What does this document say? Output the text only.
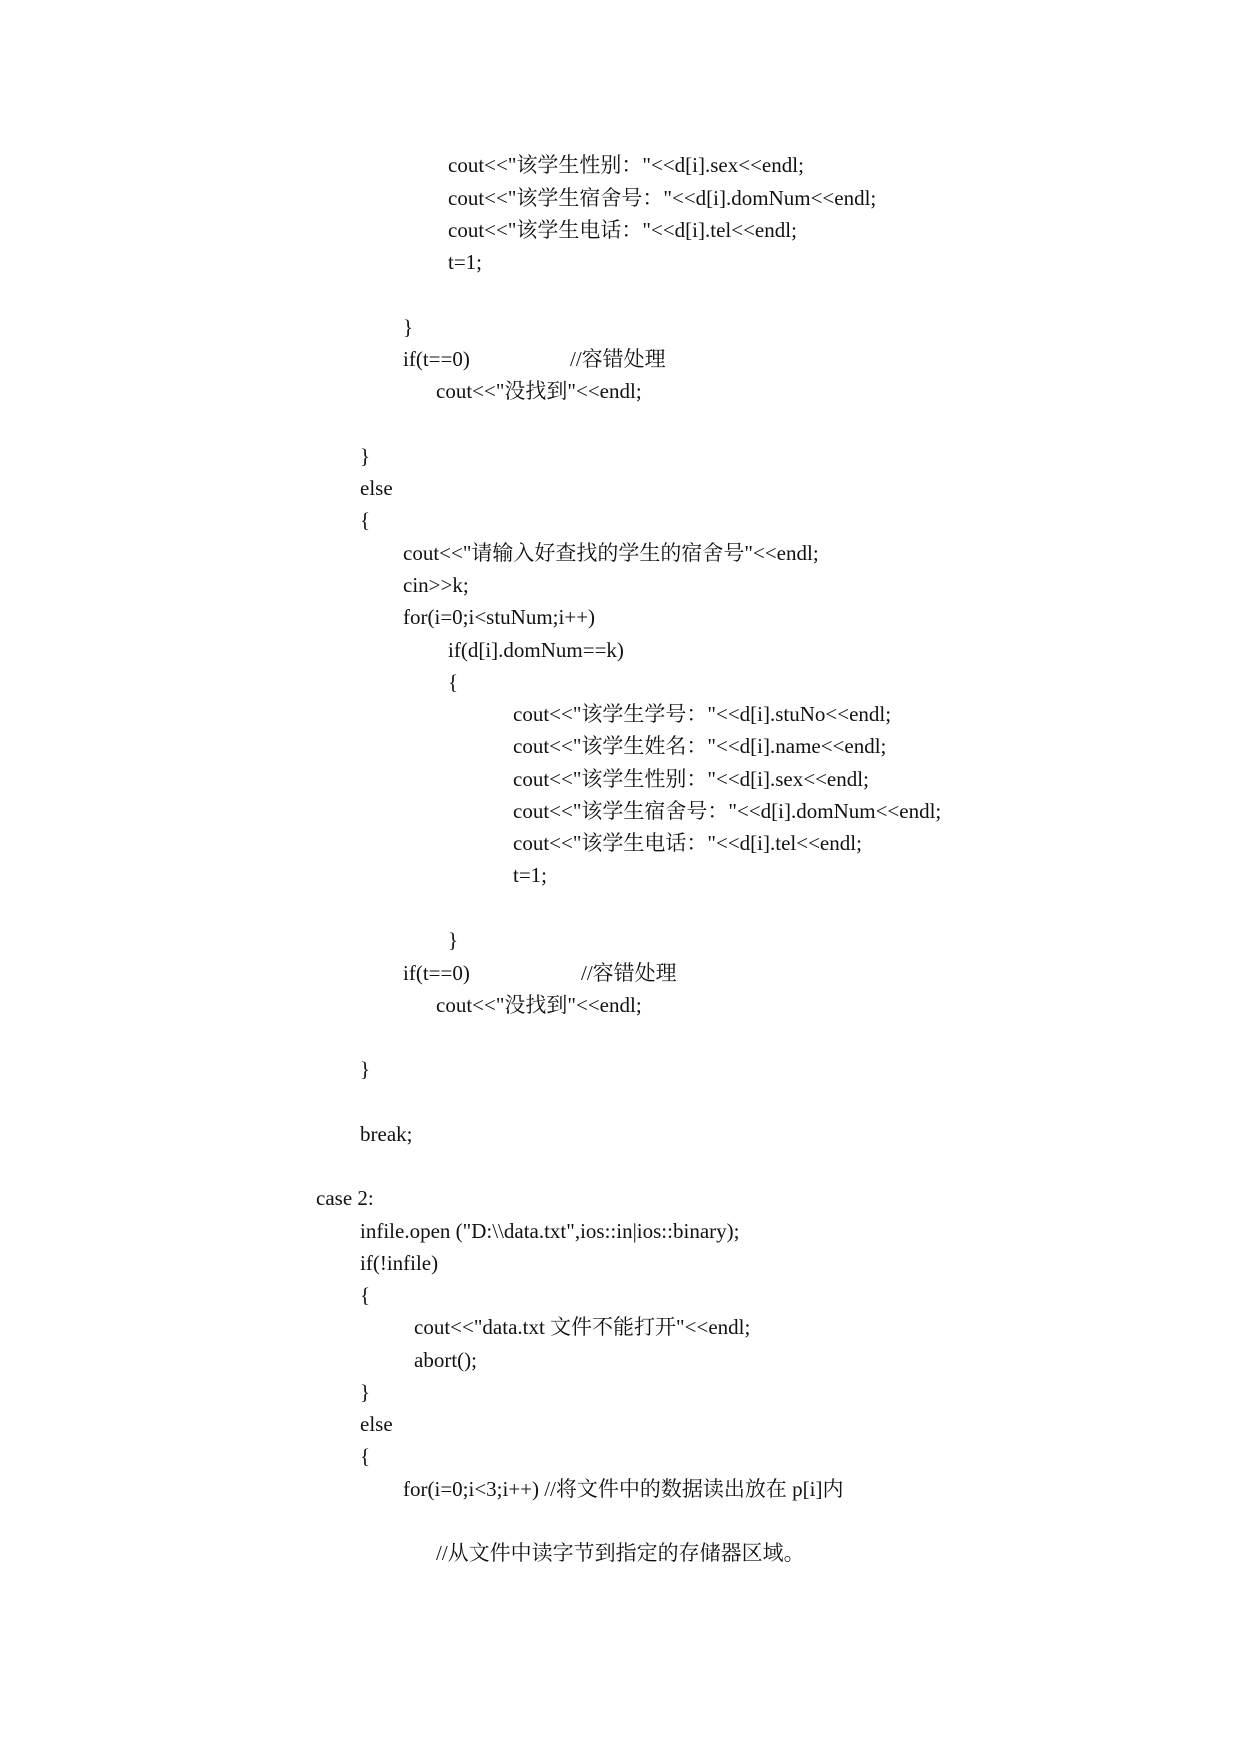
cout<<"该学生性别："<<d[i].sex<<endl;
cout<<"该学生宿舍号："<<d[i].domNum<<endl;
cout<<"该学生电话："<<d[i].tel<<endl;
t=1;
}
if(t==0)	//容错处理
cout<<"没找到"<<endl;
}
else
{
cout<<"请输入好查找的学生的宿舍号"<<endl;
cin>>k;
for(i=0;i<stuNum;i++)
if(d[i].domNum==k)
{
cout<<"该学生学号："<<d[i].stuNo<<endl;
cout<<"该学生姓名："<<d[i].name<<endl;
cout<<"该学生性别："<<d[i].sex<<endl;
cout<<"该学生宿舍号："<<d[i].domNum<<endl;
cout<<"该学生电话："<<d[i].tel<<endl;
t=1;
}
if(t==0)	//容错处理
cout<<"没找到"<<endl;
}
break;
case 2:
infile.open ("D:\\data.txt",ios::in|ios::binary);
if(!infile)
{
cout<<"data.txt 文件不能打开"<<endl;
abort();
}
else
{
for(i=0;i<3;i++) //将文件中的数据读出放在 p[i]内
//从文件中读字节到指定的存储器区域。
